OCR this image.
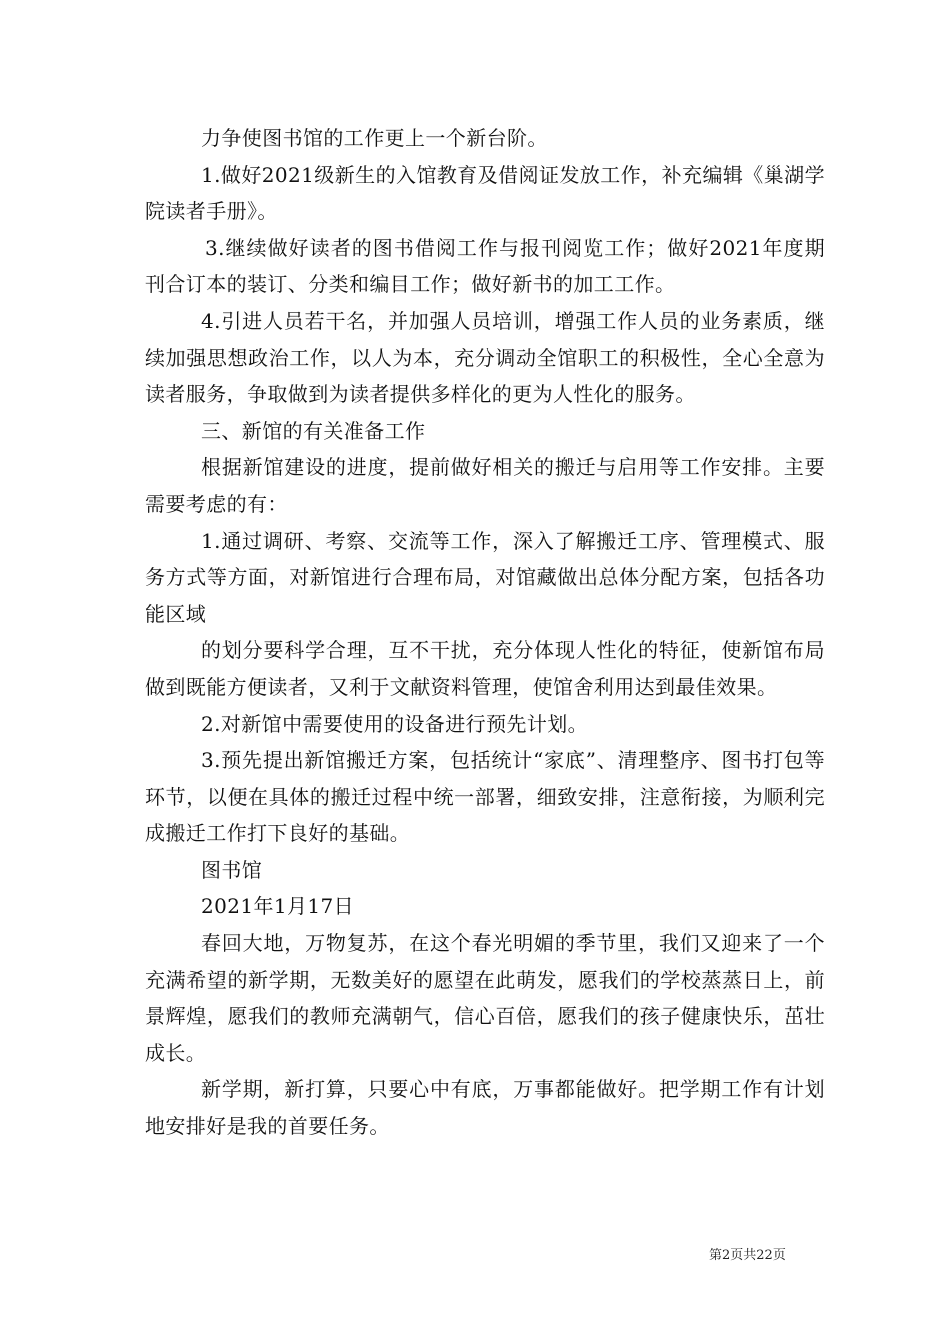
力争使图书馆的工作更上一个新台阶。

1.做好2021级新生的入馆教育及借阅证发放工作，补充编辑《巢湖学院读者手册》。

3.继续做好读者的图书借阅工作与报刊阅览工作；做好2021年度期刊合订本的装订、分类和编目工作；做好新书的加工工作。

4.引进人员若干名，并加强人员培训，增强工作人员的业务素质，继续加强思想政治工作，以人为本，充分调动全馆职工的积极性，全心全意为读者服务，争取做到为读者提供多样化的更为人性化的服务。

三、新馆的有关准备工作

根据新馆建设的进度，提前做好相关的搬迁与启用等工作安排。主要需要考虑的有：

1.通过调研、考察、交流等工作，深入了解搬迁工序、管理模式、服务方式等方面，对新馆进行合理布局，对馆藏做出总体分配方案，包括各功能区域

的划分要科学合理，互不干扰，充分体现人性化的特征，使新馆布局做到既能方便读者，又利于文献资料管理，使馆舍利用达到最佳效果。

2.对新馆中需要使用的设备进行预先计划。

3.预先提出新馆搬迁方案，包括统计“家底”、清理整序、图书打包等环节，以便在具体的搬迁过程中统一部署，细致安排，注意衔接，为顺利完成搬迁工作打下良好的基础。

图书馆

2021年1月17日

春回大地，万物复苏，在这个春光明媚的季节里，我们又迎来了一个充满希望的新学期，无数美好的愿望在此萌发，愿我们的学校蒸蒸日上，前景辉煌，愿我们的教师充满朝气，信心百倍，愿我们的孩子健康快乐，茁壮成长。

新学期，新打算，只要心中有底，万事都能做好。把学期工作有计划地安排好是我的首要任务。

第2页共22页
